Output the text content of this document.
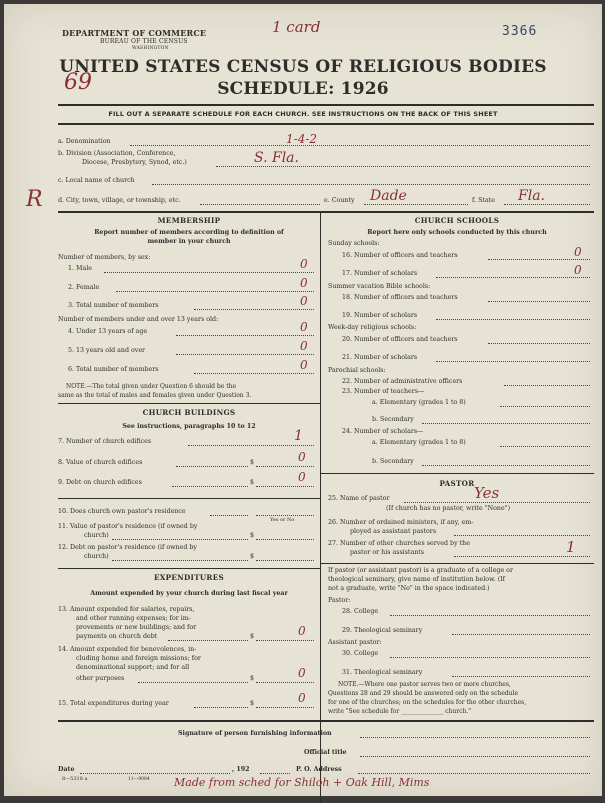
DEPARTMENT OF COMMERCE
BUREAU OF THE CENSUS
WASHINGTON
1 card	3366
69
UNITED STATES CENSUS OF RELIGIOUS BODIES
SCHEDULE: 1926
FILL OUT A SEPARATE SCHEDULE FOR EACH CHURCH. SEE INSTRUCTIONS ON THE BACK OF THIS SHEET
R
a. Denomination	1-4-2
b. Division (Association, Conference,
Diocese, Presbytery, Synod, etc.)	S. Fla.
c. Local name of church
d. City, town, village, or township, etc.	e. County Dade	f. State Fla.
MEMBERSHIP
Report number of members according to definition of
member in your church
Number of members, by sex:
1. Male	0
2. Female	0
3. Total number of members	0
Number of members under and over 13 years old:
4. Under 13 years of age	0
5. 13 years old and over	0
6. Total number of members	0
NOTE.—The total given under Question 6 should be the
same as the total of males and females given under Question 3.
CHURCH BUILDINGS
See instructions, paragraphs 10 to 12
7. Number of church edifices	1
8. Value of church edifices	$	0
9. Debt on church edifices	$	0
10. Does church own pastor's residence
Yes or No
11. Value of pastor's residence (if owned by
church)	$
12. Debt on pastor's residence (if owned by
church)	$
EXPENDITURES
Amount expended by your church during last fiscal year
13. Amount expended for salaries, repairs,
and other running expenses; for im-
provements or new buildings; and for
payments on church debt	$	0
14. Amount expended for benevolences, in-
cluding home and foreign missions; for
denominational support; and for all
other purposes	$	0
15. Total expenditures during year	$	0
CHURCH SCHOOLS
Report here only schools conducted by this church
Sunday schools:
16. Number of officers and teachers	0
17. Number of scholars	0
Summer vacation Bible schools:
18. Number of officers and teachers
19. Number of scholars
Week-day religious schools:
20. Number of officers and teachers
21. Number of scholars
Parochial schools:
22. Number of administrative officers
23. Number of teachers—
a. Elementary (grades 1 to 8)
b. Secondary
24. Number of scholars—
a. Elementary (grades 1 to 8)
b. Secondary
PASTOR
25. Name of pastor	Yes
(If church has no pastor, write "None")
26. Number of ordained ministers, if any, em-
ployed as assistant pastors
27. Number of other churches served by the
pastor or his assistants	1
If pastor (or assistant pastor) is a graduate of a college or
theological seminary, give name of institution below. (If
not a graduate, write "No" in the space indicated.)
Pastor:
28. College
29. Theological seminary
Assistant pastor:
30. College
31. Theological seminary
NOTE.—Where one pastor serves two or more churches,
Questions 28 and 29 should be answered only on the schedule
for one of the churches; on the schedules for the other churches,
write "See schedule for ______________ church."
Signature of person furnishing information
Official title
Date	, 192	P. O. Address
8—5318 a	11—9084 Made from sched for Shiloh + Oak Hill, Mims
